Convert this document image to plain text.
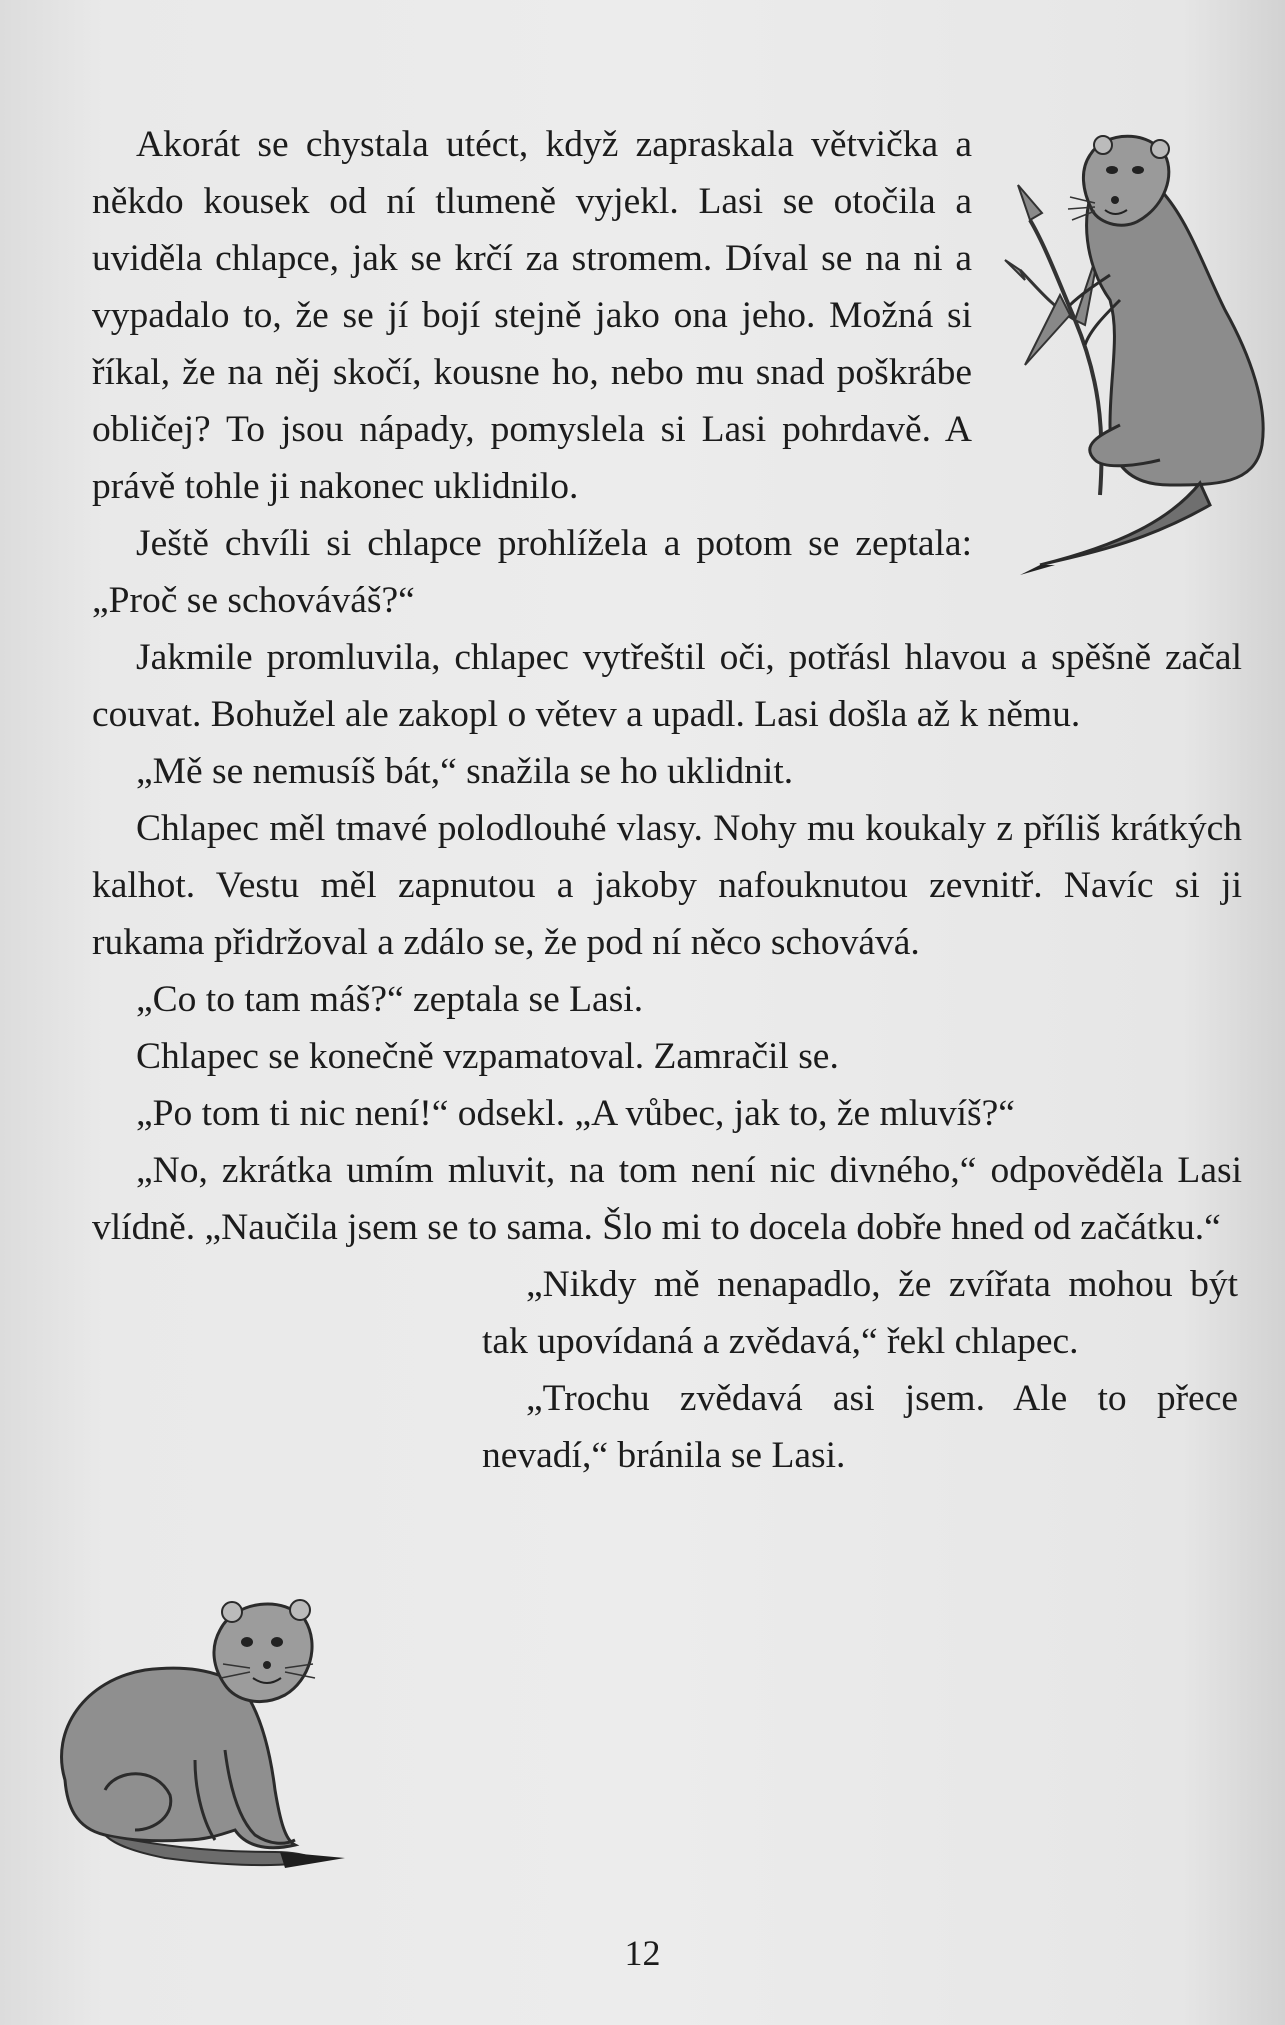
Akorát se chystala utéct, když zapraskala větvička a někdo kousek od ní tlumeně vyjekl. Lasi se otočila a uviděla chlapce, jak se krčí za stromem. Díval se na ni a vypadalo to, že se jí bojí stejně jako ona jeho. Možná si říkal, že na něj skočí, kousne ho, nebo mu snad poškrábe obličej? To jsou nápady, pomyslela si Lasi pohrdavě. A právě tohle ji nakonec uklidnilo.

Ještě chvíli si chlapce prohlížela a potom se zeptala: „Proč se schováváš?“

Jakmile promluvila, chlapec vytřeštil oči, potřásl hlavou a spěšně začal couvat. Bohužel ale zakopl o větev a upadl. Lasi došla až k němu.

„Mě se nemusíš bát,“ snažila se ho uklidnit.

Chlapec měl tmavé polodlouhé vlasy. Nohy mu koukaly z příliš krátkých kalhot. Vestu měl zapnutou a jakoby nafouknutou zevnitř. Navíc si ji rukama přidržoval a zdálo se, že pod ní něco schovává.

„Co to tam máš?“ zeptala se Lasi.

Chlapec se konečně vzpamatoval. Zamračil se.

„Po tom ti nic není!“ odsekl. „A vůbec, jak to, že mluvíš?“

„No, zkrátka umím mluvit, na tom není nic divného,“ odpověděla Lasi vlídně. „Naučila jsem se to sama. Šlo mi to docela dobře hned od začátku.“

„Nikdy mě nenapadlo, že zvířata mohou být tak upovídaná a zvědavá,“ řekl chlapec.

„Trochu zvědavá asi jsem. Ale to přece nevadí,“ bránila se Lasi.

12
